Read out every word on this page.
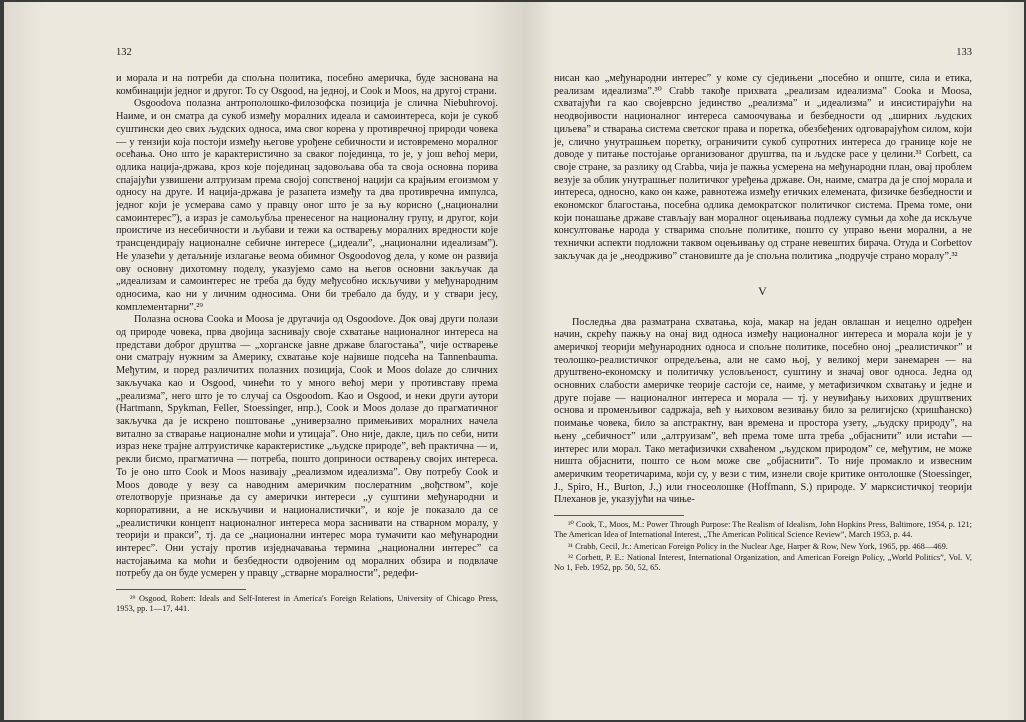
132

и морала и на потреби да спољна политика, посебно америчка, буде заснована на комбинацији једног и другог. То су Osgood, на једној, и Cook и Moos, на другој страни.

Osgoodova полазна антрополошко-филозофска позиција је слична Niebuhrovoj. Наиме, и он сматра да сукоб између моралних идеала и самоинтереса, који је сукоб суштински део свих људских односа, има свог корена у противречној природи човека — у тензији која постоји између његове урођене себичности и истовремено моралног осећања. Оно што је карактеристично за сваког појединца, то је, у још већој мери, одлика нација-држава, кроз које појединац задовољава оба та своја основна порива спајајући узвишени алтруизам према својој сопственој нацији са крајњим егоизмом у односу на друге. И нација-држава је разапета између та два противречна импулса, једног који је усмерава само у правцу оног што је за њу корисно („национални самоинтерес”), а израз је самољубља пренесеног на националну групу, и другог, који проистиче из несебичности и љубави и тежи ка остварењу моралних вредности које трансцендирају националне себичне интересе („идеали”, „национални идеализам”). Не улазећи у детаљније излагање веома обимног Osgoodovog дела, у коме он развија ову основну дихотомну поделу, указујемо само на његов основни закључак да „идеализам и самоинтерес не треба да буду међусобно искључиви у међународним односима, као ни у личним односима. Они би требало да буду, и у ствари јесу, комплементарни”.²⁹

Полазна основа Cooka и Moosa је другачија од Osgoodove. Док овај други полази од природе човека, прва двојица заснивају своје схватање националног интереса на представи доброг друштва — „хорганске јавне државе благостања”, чије остварење они сматрају нужним за Америку, схватање које највише подсећа на Tannenbauma. Међутим, и поред различитих полазних позиција, Cook и Moos dolaze до сличних закључака као и Osgood, чинећи то у много већој мери у противставу према „реализма”, него што је то случај са Osgoodom. Као и Osgood, и неки други аутори (Hartmann, Spykman, Feller, Stoessinger, нпр.), Cook и Moos долазе до прагматичног закључка да је искрено поштовање „универзално примењивих моралних начела витално за стварање националне моћи и утицаја”. Оно није, дакле, циљ по себи, нити израз неке трајне алтруистичке карактеристике „људске природе”, већ практична — и, рекли бисмо, прагматична — потреба, пошто доприноси остварењу својих интереса. То је оно што Cook и Moos називају „реализмом идеализма”. Ову потребу Cook и Moos доводе у везу са наводним америчким послератним „вођством”, које отелотворује признање да су амерички интереси „у суштини међународни и корпоративни, а не искључиви и националистички”, и које је показало да се „реалистички концепт националног интереса мора заснивати на стварном моралу, у теорији и пракси”, тј. да се „национални интерес мора тумачити као међународни интерес”. Они устају против изједначавања термина „национални интерес” са настојањима ка моћи и безбедности одвојеним од моралних обзира и подвлаче потребу да он буде усмерен у правцу „стварне моралности”, редефи-

²⁹ Osgood, Robert: Ideals and Self-Interest in America's Foreign Relations, University of Chicago Press, 1953, pp. 1—17, 441.

133

нисан као „међународни интерес” у коме су сједињени „посебно и опште, сила и етика, реализам идеализма”.³⁰ Crabb такође прихвата „реализам идеализма” Cooka и Moosa, схватајући га као својеврсно јединство „реализма” и „идеализма” и инсистирајући на неодвојивости националног интереса самоочувања и безбедности од „ширних људских циљева” и стварања система светског права и поретка, обезбеђених одговарајућом силом, који је, слично унутрашњем поретку, ограничити сукоб супротних интереса до границе које не доводе у питање постојање организованог друштва, па и људске расе у целини.³¹ Corbett, са своје стране, за разлику од Crabba, чија је пажња усмерена на међународни план, овај проблем везује за облик унутрашњег политичког уређења државе. Он, наиме, сматра да је спој морала и интереса, односно, како он каже, равнотежа између етичких елемената, физичке безбедности и економског благостања, посебна одлика демократског политичког система. Према томе, они који понашање државе стављају ван моралног оцењивања подлежу сумњи да хоће да искључе консултовање народа у стварима спољне политике, пошто су управо њени морални, а не технички аспекти подложни таквом оцењивању од стране невештих бирача. Отуда и Corbettov закључак да је „неодрживо” становиште да је спољна политика „подручје страно моралу”.³²

V

Последња два разматрана схватања, која, макар на један овлашан и нецелно одређен начин, скрећу пажњу на онај вид односа између националног интереса и морала који је у америчкој теорији међународних односа и спољне политике, посебно оној „реалистичког” и теолошко-реалистичког опредељења, али не само њој, у великој мери занемарен — на друштвено-економску и политичку условљеност, суштину и значај овог односа. Једна од основних слабости америчке теорије састоји се, наиме, у метафизичком схватању и једне и друге појаве — националног интереса и морала — тј. у неувиђању њихових друштвених основа и променљивог садржаја, већ у њиховом везивању било за религијско (хришћанско) поимање човека, било за апстрактну, ван времена и простора узету, „људску природу”, на њену „себичност” или „алтруизам”, већ према томе шта треба „објаснити” или истаћи — интерес или морал. Тако метафизички схваћеном „људском природом” се, међутим, не може ништа објаснити, пошто се њом може све „објаснити”. То није промакло и извесним америчким теоретичарима, који су, у вези с тим, изнели своје критике онтолошке (Stoessinger, J., Spiro, H., Burton, J.,) или гносеолошке (Hoffmann, S.) природе. У марксистичкој теорији Плеханов је, указујући на чиње-

³⁰ Cook, T., Moos, M.: Power Through Purpose: The Realism of Idealism, John Hopkins Press, Baltimore, 1954, p. 121; The American Idea of International Interest, „The American Political Science Review”, March 1953, p. 44.

³¹ Crabb, Cecil, Jr.: American Foreign Policy in the Nuclear Age, Harper & Row, New York, 1965, pp. 468—469.

³² Corbett, P. E.: National Interest, International Organization, and American Foreign Policy, „World Politics”, Vol. V, No 1, Feb. 1952, pp. 50, 52, 65.
